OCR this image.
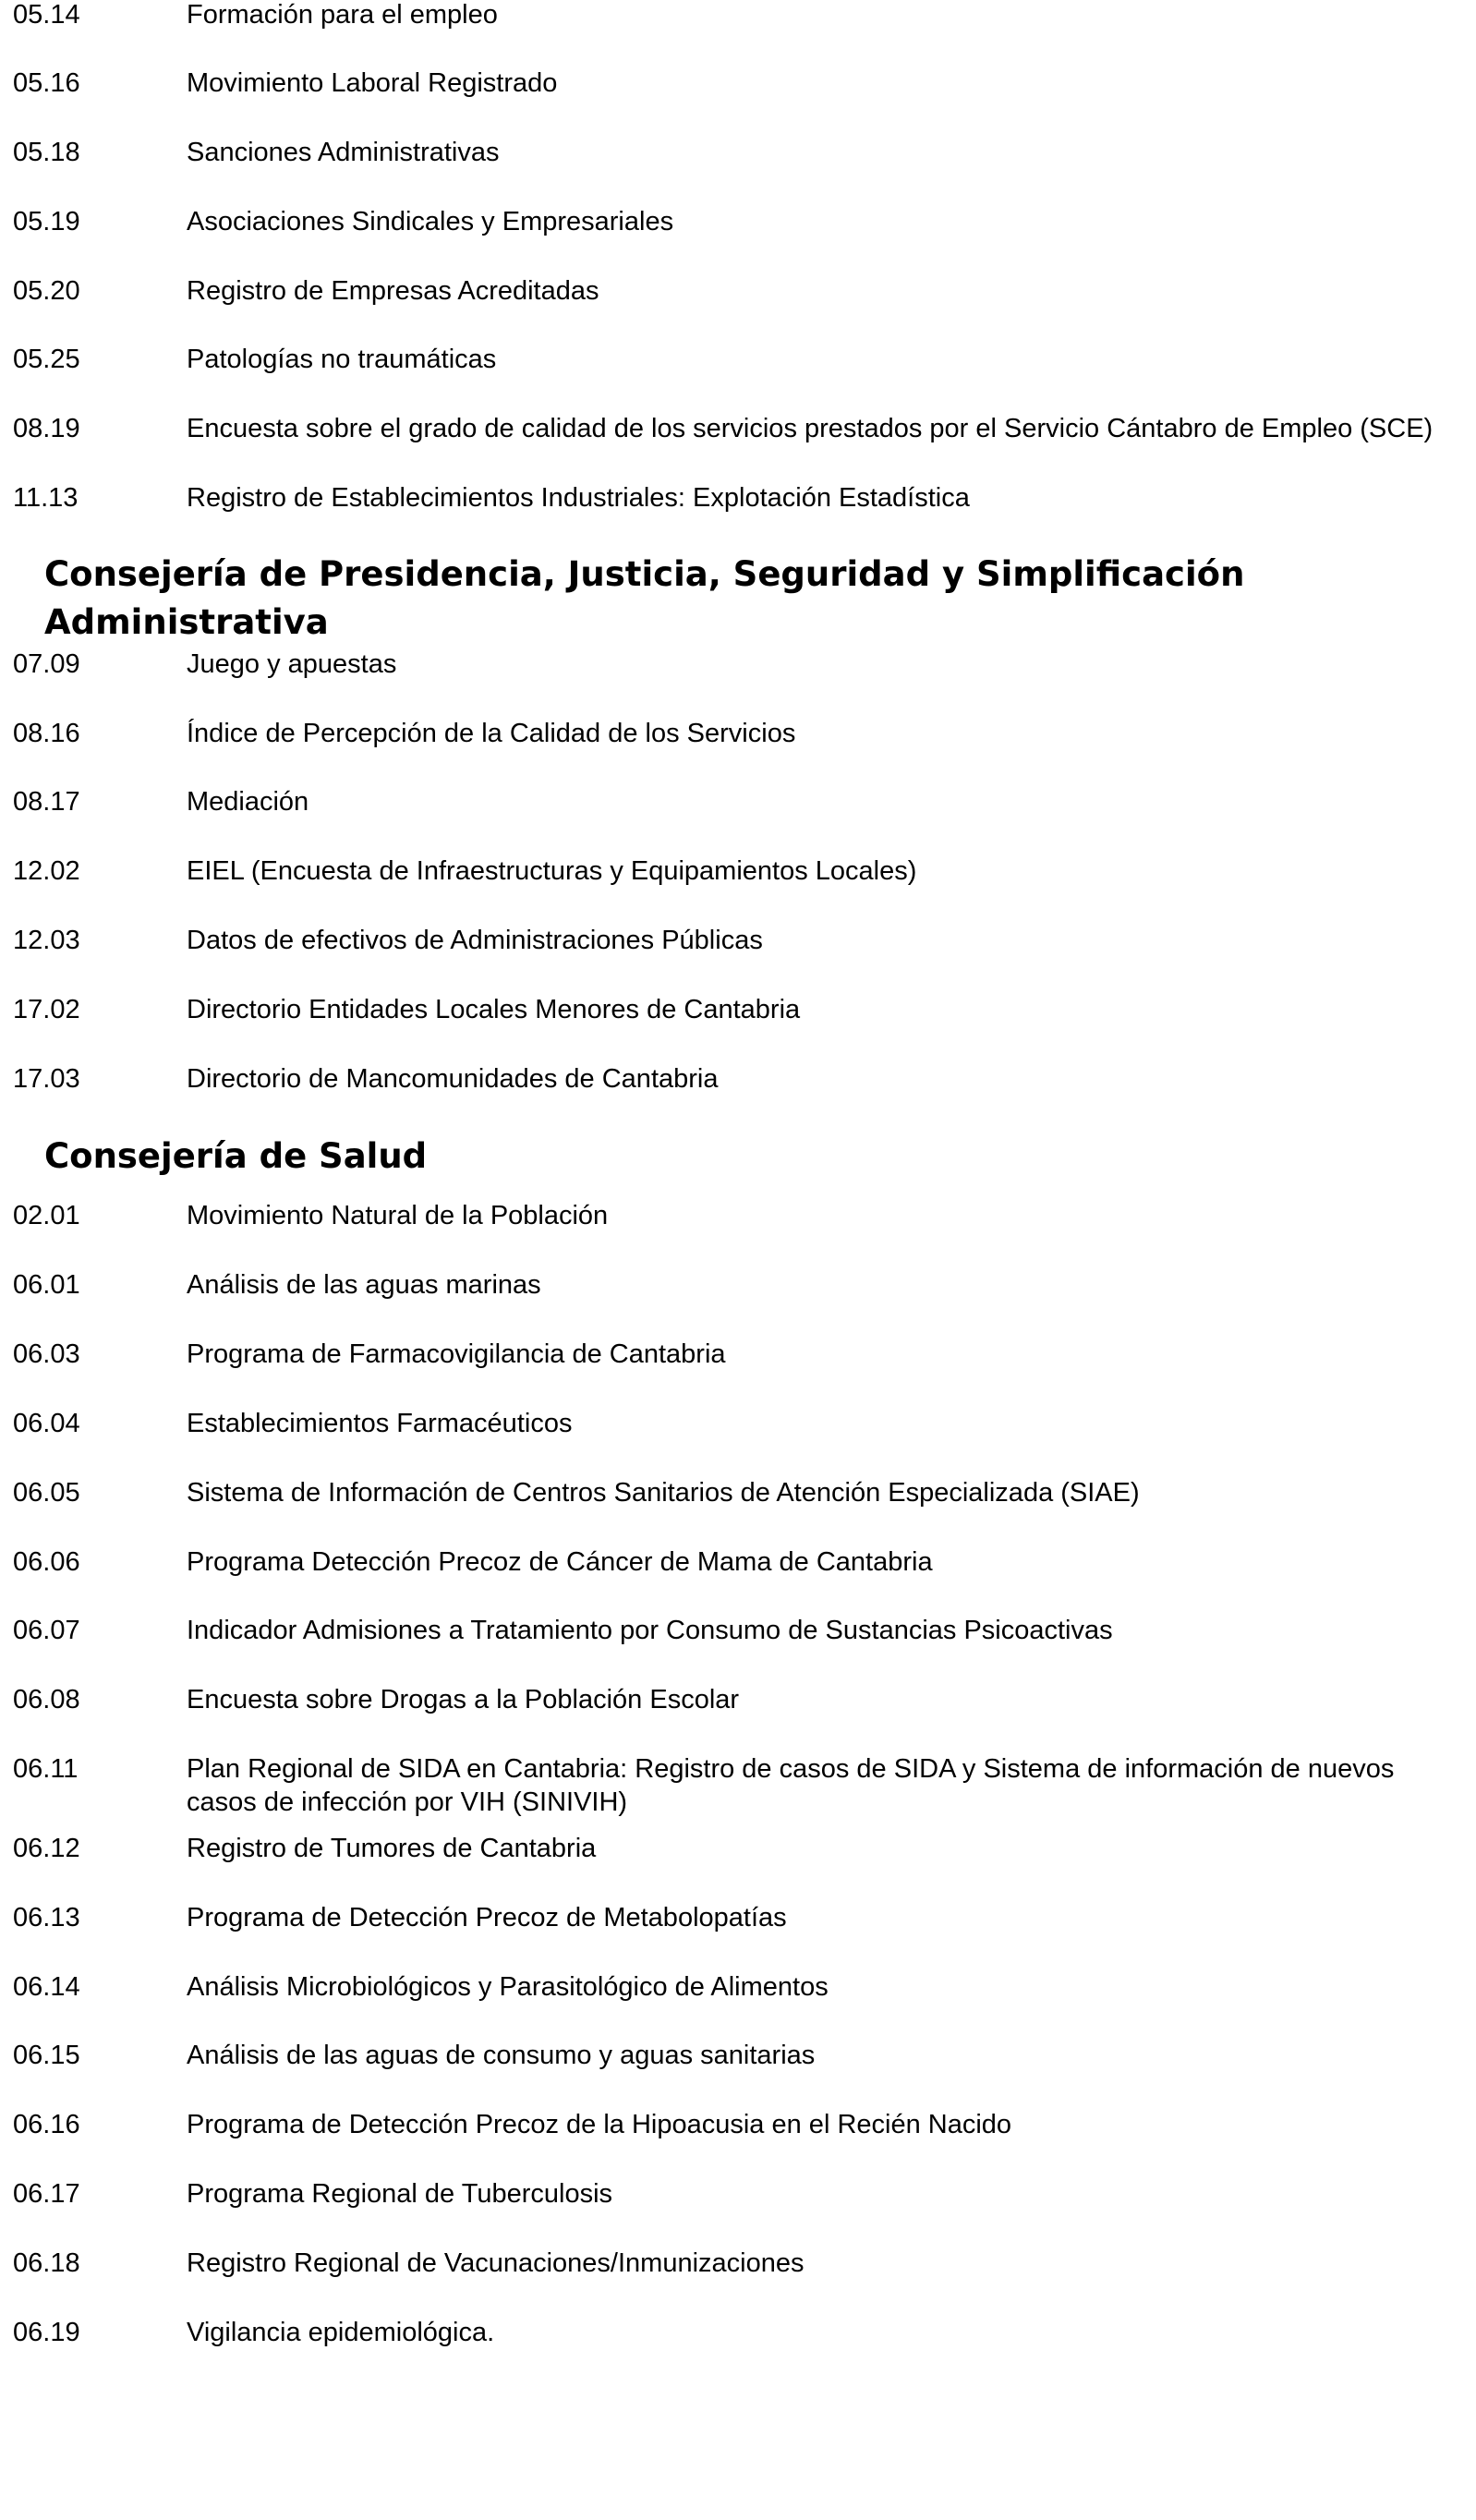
05.14	Formación para el empleo
05.16	Movimiento Laboral Registrado
05.18	Sanciones Administrativas
05.19	Asociaciones Sindicales y Empresariales
05.20	Registro de Empresas Acreditadas
05.25	Patologías no traumáticas
08.19	Encuesta sobre el grado de calidad de los servicios prestados por el Servicio Cántabro de Empleo (SCE)
11.13	Registro de Establecimientos Industriales: Explotación Estadística
Consejería de Presidencia, Justicia, Seguridad y Simplificación Administrativa
07.09	Juego y apuestas
08.16	Índice de Percepción de la Calidad de los Servicios
08.17	Mediación
12.02	EIEL (Encuesta de Infraestructuras y Equipamientos Locales)
12.03	Datos de efectivos de Administraciones Públicas
17.02	Directorio Entidades Locales Menores de Cantabria
17.03	Directorio de Mancomunidades de Cantabria
Consejería de Salud
02.01	Movimiento Natural de la Población
06.01	Análisis de las aguas marinas
06.03	Programa de Farmacovigilancia de Cantabria
06.04	Establecimientos Farmacéuticos
06.05	Sistema de Información de Centros Sanitarios de Atención Especializada (SIAE)
06.06	Programa Detección Precoz de Cáncer de Mama de Cantabria
06.07	Indicador Admisiones a Tratamiento por Consumo de Sustancias Psicoactivas
06.08	Encuesta sobre Drogas a la Población Escolar
06.11	Plan Regional de SIDA en Cantabria: Registro de casos de SIDA y Sistema de información de nuevos casos de infección por VIH (SINIVIH)
06.12	Registro de Tumores de Cantabria
06.13	Programa de Detección Precoz de Metabolopatías
06.14	Análisis Microbiológicos y Parasitológico de Alimentos
06.15	Análisis de las aguas de consumo y aguas sanitarias
06.16	Programa de Detección Precoz de la Hipoacusia en el Recién Nacido
06.17	Programa Regional de Tuberculosis
06.18	Registro Regional de Vacunaciones/Inmunizaciones
06.19	Vigilancia epidemiológica.
